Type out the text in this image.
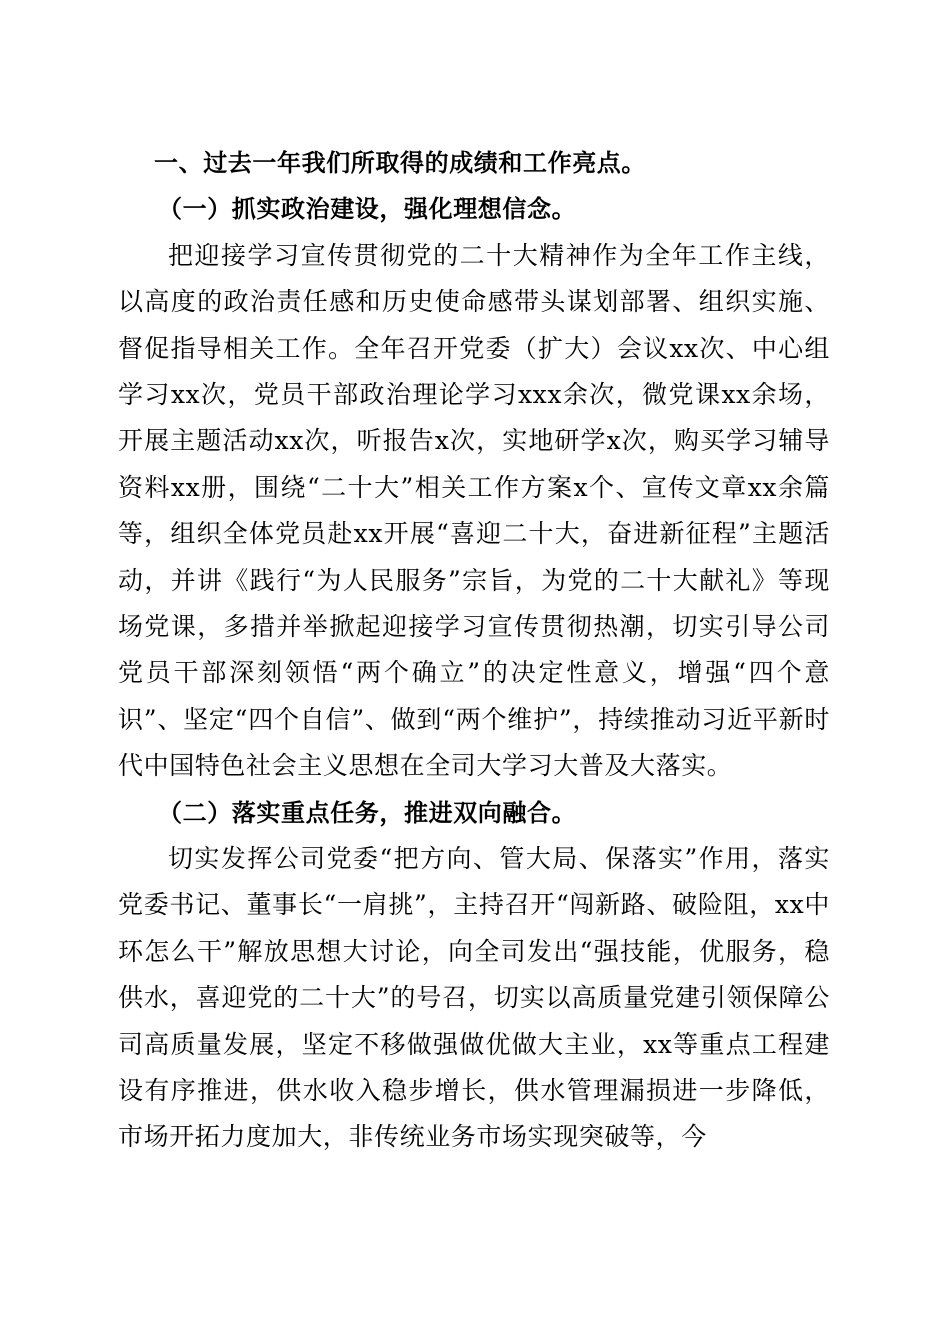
一、过去一年我们所取得的成绩和工作亮点。
（一）抓实政治建设，强化理想信念。

把迎接学习宣传贯彻党的二十大精神作为全年工作主线，以高度的政治责任感和历史使命感带头谋划部署、组织实施、督促指导相关工作。全年召开党委（扩大）会议xx次、中心组学习xx次，党员干部政治理论学习xxx余次，微党课xx余场，开展主题活动xx次，听报告x次，实地研学x次，购买学习辅导资料xx册，围绕“二十大”相关工作方案x个、宣传文章xx余篇等，组织全体党员赴xx开展“喜迎二十大，奋进新征程”主题活动，并讲《践行“为人民服务”宗旨，为党的二十大献礼》等现场党课，多措并举掀起迎接学习宣传贯彻热潮，切实引导公司党员干部深刻领悟“两个确立”的决定性意义，增强“四个意识”、坚定“四个自信”、做到“两个维护”，持续推动习近平新时代中国特色社会主义思想在全司大学习大普及大落实。

（二）落实重点任务，推进双向融合。

切实发挥公司党委“把方向、管大局、保落实”作用，落实党委书记、董事长“一肩挑”，主持召开“闯新路、破险阻，xx中环怎么干”解放思想大讨论，向全司发出“强技能，优服务，稳供水，喜迎党的二十大”的号召，切实以高质量党建引领保障公司高质量发展，坚定不移做强做优做大主业，xx等重点工程建设有序推进，供水收入稳步增长，供水管理漏损进一步降低，市场开拓力度加大，非传统业务市场实现突破等，今
